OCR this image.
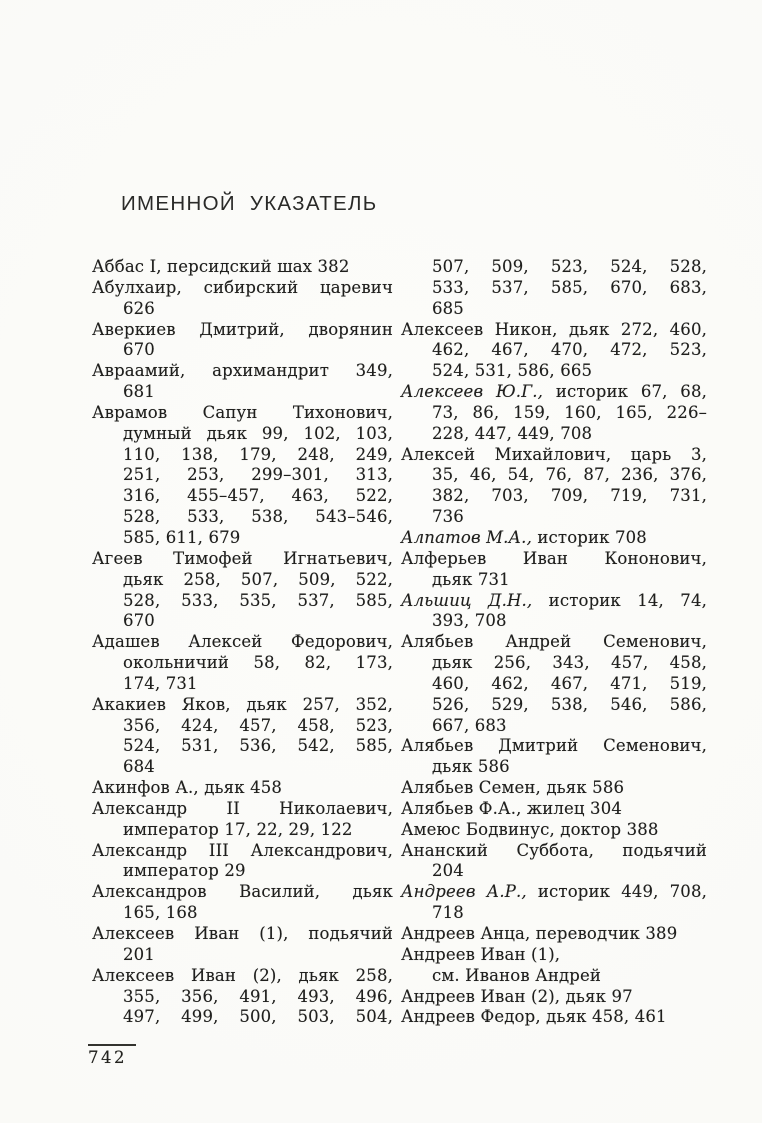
ИМЕННОЙ УКАЗАТЕЛЬ
Аббас I, персидский шах 382
Абулхаир, сибирский царевич
626
Аверкиев Дмитрий, дворянин
670
Авраамий, архимандрит 349,
681
Аврамов Сапун Тихонович,
думный дьяк 99, 102, 103,
110, 138, 179, 248, 249,
251, 253, 299–301, 313,
316, 455–457, 463, 522,
528, 533, 538, 543–546,
585, 611, 679
Агеев Тимофей Игнатьевич,
дьяк 258, 507, 509, 522,
528, 533, 535, 537, 585,
670
Адашев Алексей Федорович,
окольничий 58, 82, 173,
174, 731
Акакиев Яков, дьяк 257, 352,
356, 424, 457, 458, 523,
524, 531, 536, 542, 585,
684
Акинфов А., дьяк 458
Александр II Николаевич,
император 17, 22, 29, 122
Александр III Александрович,
император 29
Александров Василий, дьяк
165, 168
Алексеев Иван (1), подьячий
201
Алексеев Иван (2), дьяк 258,
355, 356, 491, 493, 496,
497, 499, 500, 503, 504,
507, 509, 523, 524, 528,
533, 537, 585, 670, 683,
685
Алексеев Никон, дьяк 272, 460,
462, 467, 470, 472, 523,
524, 531, 586, 665
Алексеев Ю.Г., историк 67, 68,
73, 86, 159, 160, 165, 226–
228, 447, 449, 708
Алексей Михайлович, царь 3,
35, 46, 54, 76, 87, 236, 376,
382, 703, 709, 719, 731,
736
Алпатов М.А., историк 708
Алферьев Иван Кононович,
дьяк 731
Альшиц Д.Н., историк 14, 74,
393, 708
Алябьев Андрей Семенович,
дьяк 256, 343, 457, 458,
460, 462, 467, 471, 519,
526, 529, 538, 546, 586,
667, 683
Алябьев Дмитрий Семенович,
дьяк 586
Алябьев Семен, дьяк 586
Алябьев Ф.А., жилец 304
Амеюс Бодвинус, доктор 388
Ананский Суббота, подьячий
204
Андреев А.Р., историк 449, 708,
718
Андреев Анца, переводчик 389
Андреев Иван (1),
см. Иванов Андрей
Андреев Иван (2), дьяк 97
Андреев Федор, дьяк 458, 461
742
